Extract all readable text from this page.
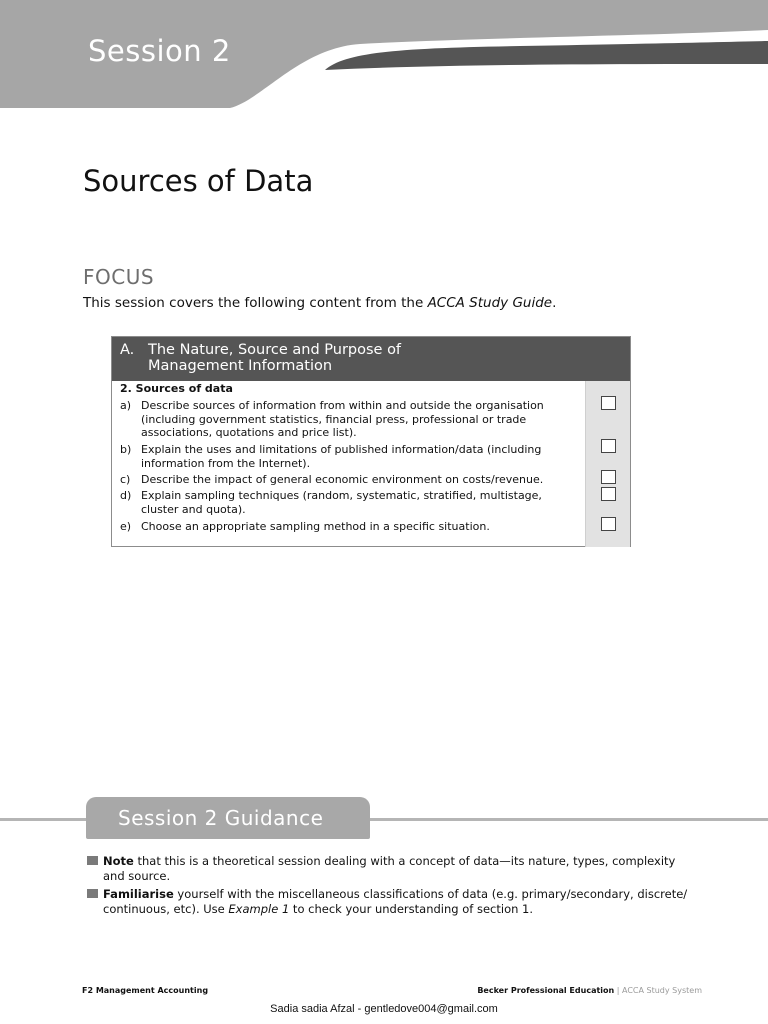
Session 2
Sources of Data
FOCUS
This session covers the following content from the ACCA Study Guide.
A. The Nature, Source and Purpose of
Management Information
2. Sources of data
a) Describe sources of information from within and outside the organisation (including government statistics, financial press, professional or trade associations, quotations and price list).
b) Explain the uses and limitations of published information/data (including information from the Internet).
c) Describe the impact of general economic environment on costs/revenue.
d) Explain sampling techniques (random, systematic, stratified, multistage, cluster and quota).
e) Choose an appropriate sampling method in a specific situation.
Session 2 Guidance
Note that this is a theoretical session dealing with a concept of data—its nature, types, complexity
and source.
Familiarise yourself with the miscellaneous classifications of data (e.g. primary/secondary, discrete/
continuous, etc). Use Example 1 to check your understanding of section 1.
F2 Management Accounting	Becker Professional Education | ACCA Study System
Sadia sadia Afzal - gentledove004@gmail.com
